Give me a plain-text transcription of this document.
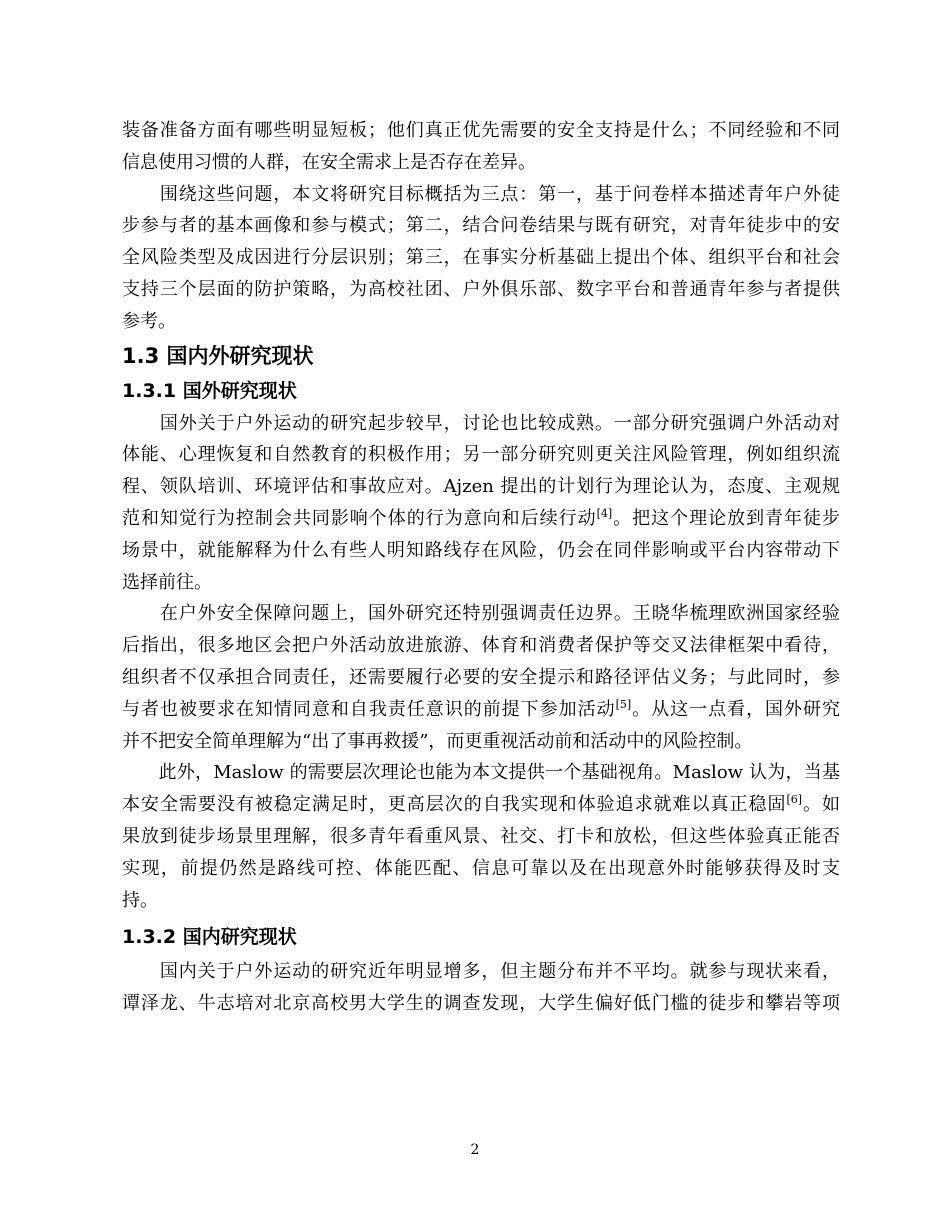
装备准备方面有哪些明显短板；他们真正优先需要的安全支持是什么；不同经验和不同
信息使用习惯的人群，在安全需求上是否存在差异。

　　围绕这些问题，本文将研究目标概括为三点：第一，基于问卷样本描述青年户外徒
步参与者的基本画像和参与模式；第二，结合问卷结果与既有研究，对青年徒步中的安
全风险类型及成因进行分层识别；第三，在事实分析基础上提出个体、组织平台和社会
支持三个层面的防护策略，为高校社团、户外俱乐部、数字平台和普通青年参与者提供
参考。

1.3 国内外研究现状
1.3.1 国外研究现状

　　国外关于户外运动的研究起步较早，讨论也比较成熟。一部分研究强调户外活动对
体能、心理恢复和自然教育的积极作用；另一部分研究则更关注风险管理，例如组织流
程、领队培训、环境评估和事故应对。Ajzen 提出的计划行为理论认为，态度、主观规
范和知觉行为控制会共同影响个体的行为意向和后续行动[4]。把这个理论放到青年徒步
场景中，就能解释为什么有些人明知路线存在风险，仍会在同伴影响或平台内容带动下
选择前往。

　　在户外安全保障问题上，国外研究还特别强调责任边界。王晓华梳理欧洲国家经验
后指出，很多地区会把户外活动放进旅游、体育和消费者保护等交叉法律框架中看待，
组织者不仅承担合同责任，还需要履行必要的安全提示和路径评估义务；与此同时，参
与者也被要求在知情同意和自我责任意识的前提下参加活动[5]。从这一点看，国外研究
并不把安全简单理解为“出了事再救援”，而更重视活动前和活动中的风险控制。

　　此外，Maslow 的需要层次理论也能为本文提供一个基础视角。Maslow 认为，当基
本安全需要没有被稳定满足时，更高层次的自我实现和体验追求就难以真正稳固[6]。如
果放到徒步场景里理解，很多青年看重风景、社交、打卡和放松，但这些体验真正能否
实现，前提仍然是路线可控、体能匹配、信息可靠以及在出现意外时能够获得及时支
持。

1.3.2 国内研究现状

　　国内关于户外运动的研究近年明显增多，但主题分布并不平均。就参与现状来看，
谭泽龙、牛志培对北京高校男大学生的调查发现，大学生偏好低门槛的徒步和攀岩等项

2
